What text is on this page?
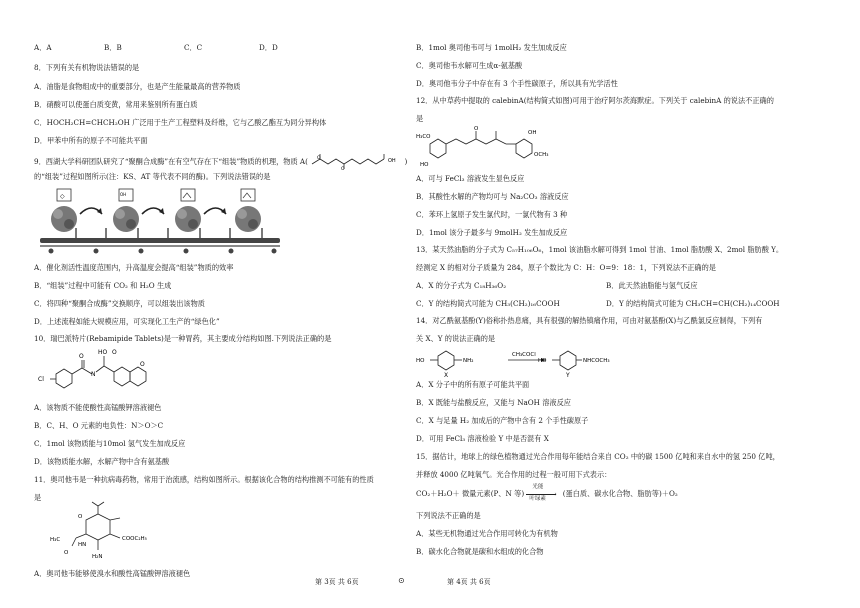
A．A	B．B	C．C	D．D
8．下列有关有机物说法错误的是
A．油脂是食物组成中的重要部分，也是产生能量最高的营养物质
B．硝酸可以使蛋白质变黄，常用来鉴别所有蛋白质
C．HOCH₂CH=CHCH₂OH 广泛用于生产工程塑料及纤维，它与乙酸乙酯互为同分异构体
D．甲苯中所有的原子不可能共平面
9．西湖大学科研团队研究了“聚酮合成酶”在有空气存在下“组装”物质的机理，物质 A( O
O
OH )
的“组装”过程如图所示(注：KS、AT 等代表不同的酶)。下列说法错误的是
◇	OH
A．催化剂活性温度范围内，升高温度会提高“组装”物质的效率
B．“组装”过程中可能有 CO₂ 和 H₂O 生成
C．将四种“聚酮合成酶”交换顺序，可以组装出该物质
D．上述流程如能大规模应用，可实现化工生产的“绿色化”
10．瑞巴派特片(Rebamipide Tablets)是一种胃药，其主要成分结构如图.下列说法正确的是
Cl
O
N
HO O
O
A．该物质不能使酸性高锰酸钾溶液褪色
B．C、H、O 元素的电负性：N＞O＞C
C．1mol 该物质能与10mol 氢气发生加成反应
D．该物质能水解，水解产物中含有氨基酸
11．奥司他韦是一种抗病毒药物，常用于治流感，结构如图所示。根据该化合物的结构推测不可能有的性质
是
O
H₃C
HN
O
COOC₂H₅
H₂N
A．奥司他韦能够使溴水和酸性高锰酸钾溶液褪色
B．1mol 奥司他韦可与 1molH₂ 发生加成反应
C．奥司他韦水解可生成α-氨基酸
D．奥司他韦分子中存在有 3 个手性碳原子，所以具有光学活性
12．从中草药中提取的 calebinA(结构简式如图)可用于治疗阿尔茨海默症。下列关于 calebinA 的说法不正确的
是
H₃CO
HO
O
OH
OCH₃
A．可与 FeCl₃ 溶液发生显色反应
B．其酸性水解的产物均可与 Na₂CO₃ 溶液反应
C．苯环上氢原子发生氯代时，一氯代物有 3 种
D．1mol 该分子最多与 9molH₂ 发生加成反应
13．某天然油脂的分子式为 C₅₇H₁₀₆O₆，1mol 该油脂水解可得到 1mol 甘油、1mol 脂肪酸 X、2mol 脂肪酸 Y。
经测定 X 的相对分子质量为 284，原子个数比为 C：H：O=9：18：1，下列说法不正确的是
A．X 的分子式为 C₁₈H₃₆O₂	B．此天然油脂能与氢气反应
C．Y 的结构简式可能为 CH₃(CH₂)₁₆COOH	D．Y 的结构简式可能为 CH₃CH=CH(CH₂)₁₄COOH
14．对乙酰氨基酚(Y)俗称扑热息痛，具有很强的解热镇痛作用，可由对氨基酚(X)与乙酰氯反应制得，下列有
关 X、Y 的说法正确的是
HO	NH₂
CH₃COCl
HO	NHCOCH₃
X	Y
A．X 分子中的所有原子可能共平面
B．X 既能与盐酸反应，又能与 NaOH 溶液反应
C．X 与足量 H₂ 加成后的产物中含有 2 个手性碳原子
D．可用 FeCl₃ 溶液检验 Y 中是否混有 X
15．据估计，地球上的绿色植物通过光合作用每年能结合来自 CO₂ 中的碳 1500 亿吨和来自水中的氢 250 亿吨，
并释放 4000 亿吨氧气。光合作用的过程一般可用下式表示：
CO₂＋H₂O＋ 微量元素(P、N 等)
光能
›
叶绿素
(蛋白质、碳水化合物、脂肪等)＋O₂
下列说法不正确的是
A．某些无机物通过光合作用可转化为有机物
B．碳水化合物就是碳和水组成的化合物
第 3页 共 6页	⊙	第 4页 共 6页
